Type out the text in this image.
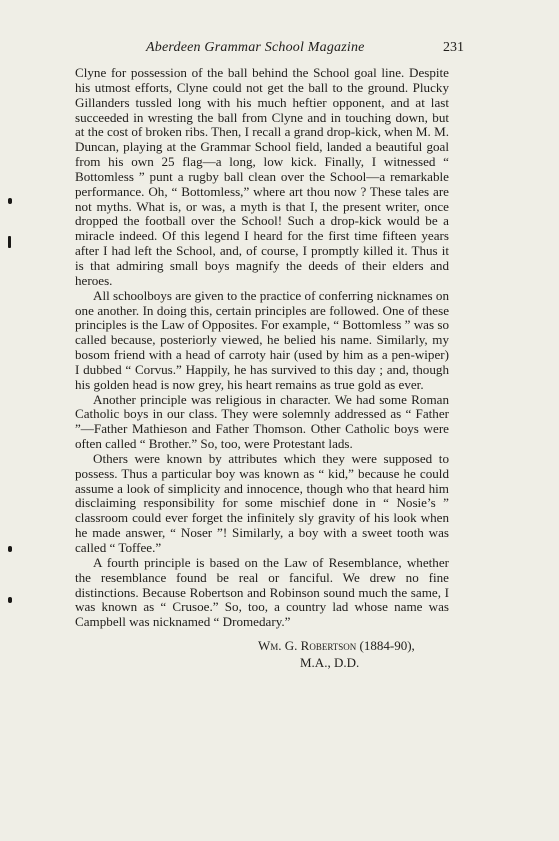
Aberdeen Grammar School Magazine	231

Clyne for possession of the ball behind the School goal line. Despite his utmost efforts, Clyne could not get the ball to the ground. Plucky Gillanders tussled long with his much heftier opponent, and at last succeeded in wresting the ball from Clyne and in touching down, but at the cost of broken ribs. Then, I recall a grand drop-kick, when M. M. Duncan, playing at the Grammar School field, landed a beautiful goal from his own 25 flag—a long, low kick. Finally, I witnessed “ Bottomless ” punt a rugby ball clean over the School—a remarkable performance. Oh, “ Bottomless,” where art thou now ? These tales are not myths. What is, or was, a myth is that I, the present writer, once dropped the football over the School! Such a drop-kick would be a miracle indeed. Of this legend I heard for the first time fifteen years after I had left the School, and, of course, I promptly killed it. Thus it is that admiring small boys magnify the deeds of their elders and heroes.

All schoolboys are given to the practice of conferring nicknames on one another. In doing this, certain principles are followed. One of these principles is the Law of Opposites. For example, “ Bottomless ” was so called because, posteriorly viewed, he belied his name. Similarly, my bosom friend with a head of carroty hair (used by him as a pen-wiper) I dubbed “ Corvus.” Happily, he has survived to this day ; and, though his golden head is now grey, his heart remains as true gold as ever.

Another principle was religious in character. We had some Roman Catholic boys in our class. They were solemnly addressed as “ Father ”—Father Mathieson and Father Thomson. Other Catholic boys were often called “ Brother.” So, too, were Protestant lads.

Others were known by attributes which they were supposed to possess. Thus a particular boy was known as “ kid,” because he could assume a look of simplicity and innocence, though who that heard him disclaiming responsibility for some mischief done in “ Nosie’s ” classroom could ever forget the infinitely sly gravity of his look when he made answer, “ Noser ”! Similarly, a boy with a sweet tooth was called “ Toffee.”

A fourth principle is based on the Law of Resemblance, whether the resemblance found be real or fanciful. We drew no fine distinctions. Because Robertson and Robinson sound much the same, I was known as “ Crusoe.” So, too, a country lad whose name was Campbell was nicknamed “ Dromedary.”

Wm. G. Robertson (1884-90),
M.A., D.D.
